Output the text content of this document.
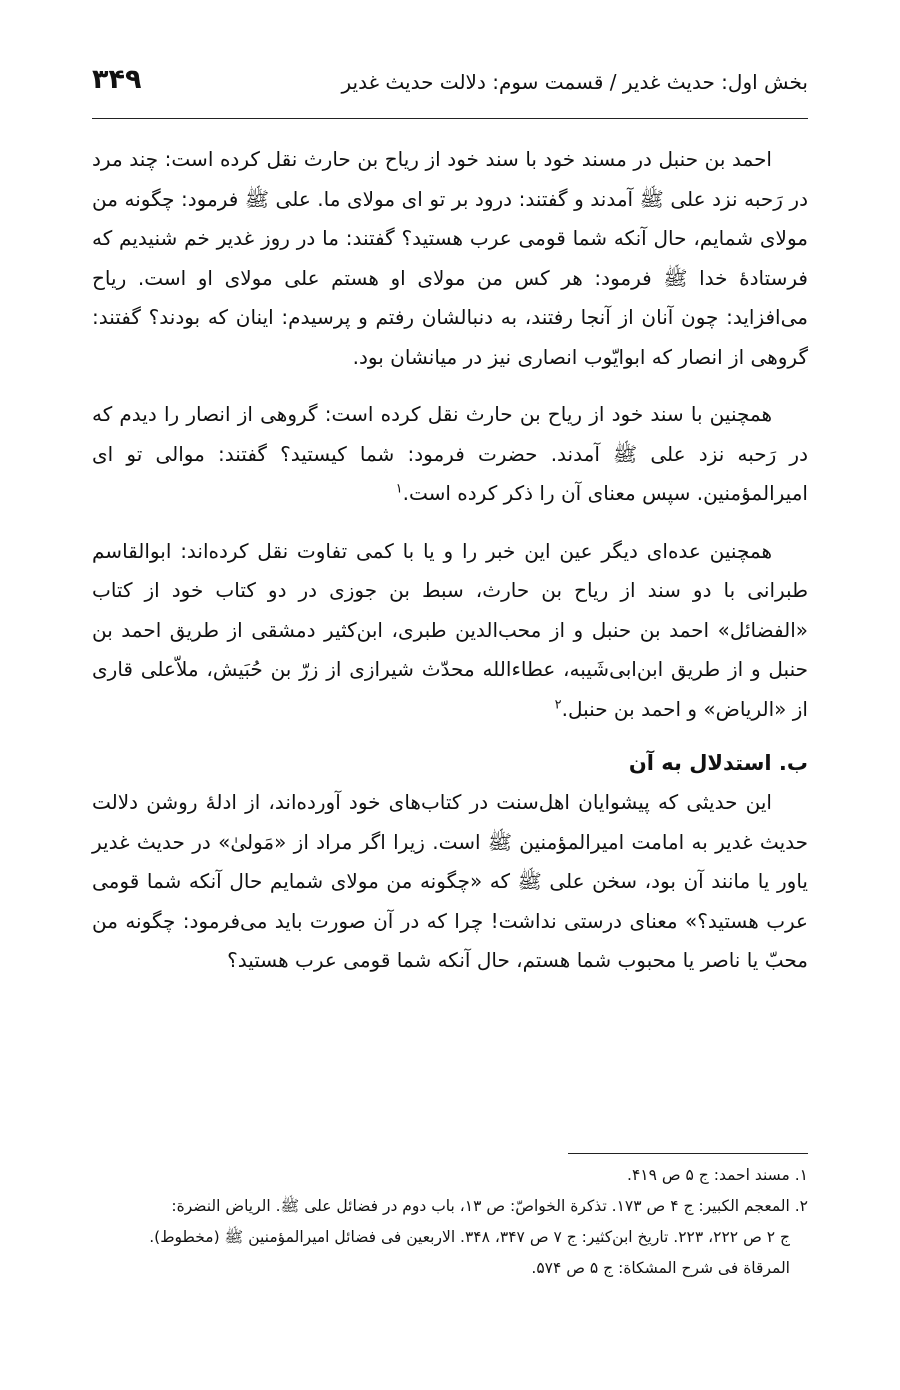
بخش اول: حدیث غدیر / قسمت سوم: دلالت حدیث غدیر
۳۴۹

احمد بن حنبل در مسند خود با سند خود از ریاح بن حارث نقل کرده است: چند مرد در رَحبه نزد علی ﷺ آمدند و گفتند: درود بر تو ای مولای ما. علی ﷺ فرمود: چگونه من مولای شمایم، حال آنکه شما قومی عرب هستید؟ گفتند: ما در روز غدیر خم شنیدیم که فرستادهٔ خدا ﷺ فرمود: هر کس من مولای او هستم علی مولای او است. ریاح می‌افزاید: چون آنان از آنجا رفتند، به دنبالشان رفتم و پرسیدم: اینان که بودند؟ گفتند: گروهی از انصار که ابوایّوب انصاری نیز در میانشان بود.

همچنین با سند خود از ریاح بن حارث نقل کرده است: گروهی از انصار را دیدم که در رَحبه نزد علی ﷺ آمدند. حضرت فرمود: شما کیستید؟ گفتند: موالی تو ای امیرالمؤمنین. سپس معنای آن را ذکر کرده است.$^۱$

همچنین عده‌ای دیگر عین این خبر را و یا با کمی تفاوت نقل کرده‌اند: ابوالقاسم طبرانی با دو سند از ریاح بن حارث، سبط بن جوزی در دو کتاب خود از کتاب «الفضائل» احمد بن حنبل و از محب‌الدین طبری، ابن‌کثیر دمشقی از طریق احمد بن حنبل و از طریق ابن‌ابی‌شَیبه، عطاءالله محدّث شیرازی از زرّ بن حُبَیش، ملاّعلی قاری از «الریاض» و احمد بن حنبل.$^۲$

ب. استدلال به آن

این حدیثی که پیشوایان اهل‌سنت در کتاب‌های خود آورده‌اند، از ادلهٔ روشن دلالت حدیث غدیر به امامت امیرالمؤمنین ﷺ است. زیرا اگر مراد از «مَولیٰ» در حدیث غدیر یاور یا مانند آن بود، سخن علی ﷺ که «چگونه من مولای شمایم حال آنکه شما قومی عرب هستید؟» معنای درستی نداشت! چرا که در آن صورت باید می‌فرمود: چگونه من محبّ یا ناصر یا محبوب شما هستم، حال آنکه شما قومی عرب هستید؟

۱. مسند احمد: ج ۵ ص ۴۱۹.

۲. المعجم الکبیر: ج ۴ ص ۱۷۳. تذکرة الخواصّ: ص ۱۳، باب دوم در فضائل علی ﷺ. الریاض النضرة:

ج ۲ ص ۲۲۲، ۲۲۳. تاریخ ابن‌کثیر: ج ۷ ص ۳۴۷، ۳۴۸. الاربعین فی فضائل امیرالمؤمنین ﷺ (مخطوط).

المرقاة فی شرح المشکاة: ج ۵ ص ۵۷۴.
